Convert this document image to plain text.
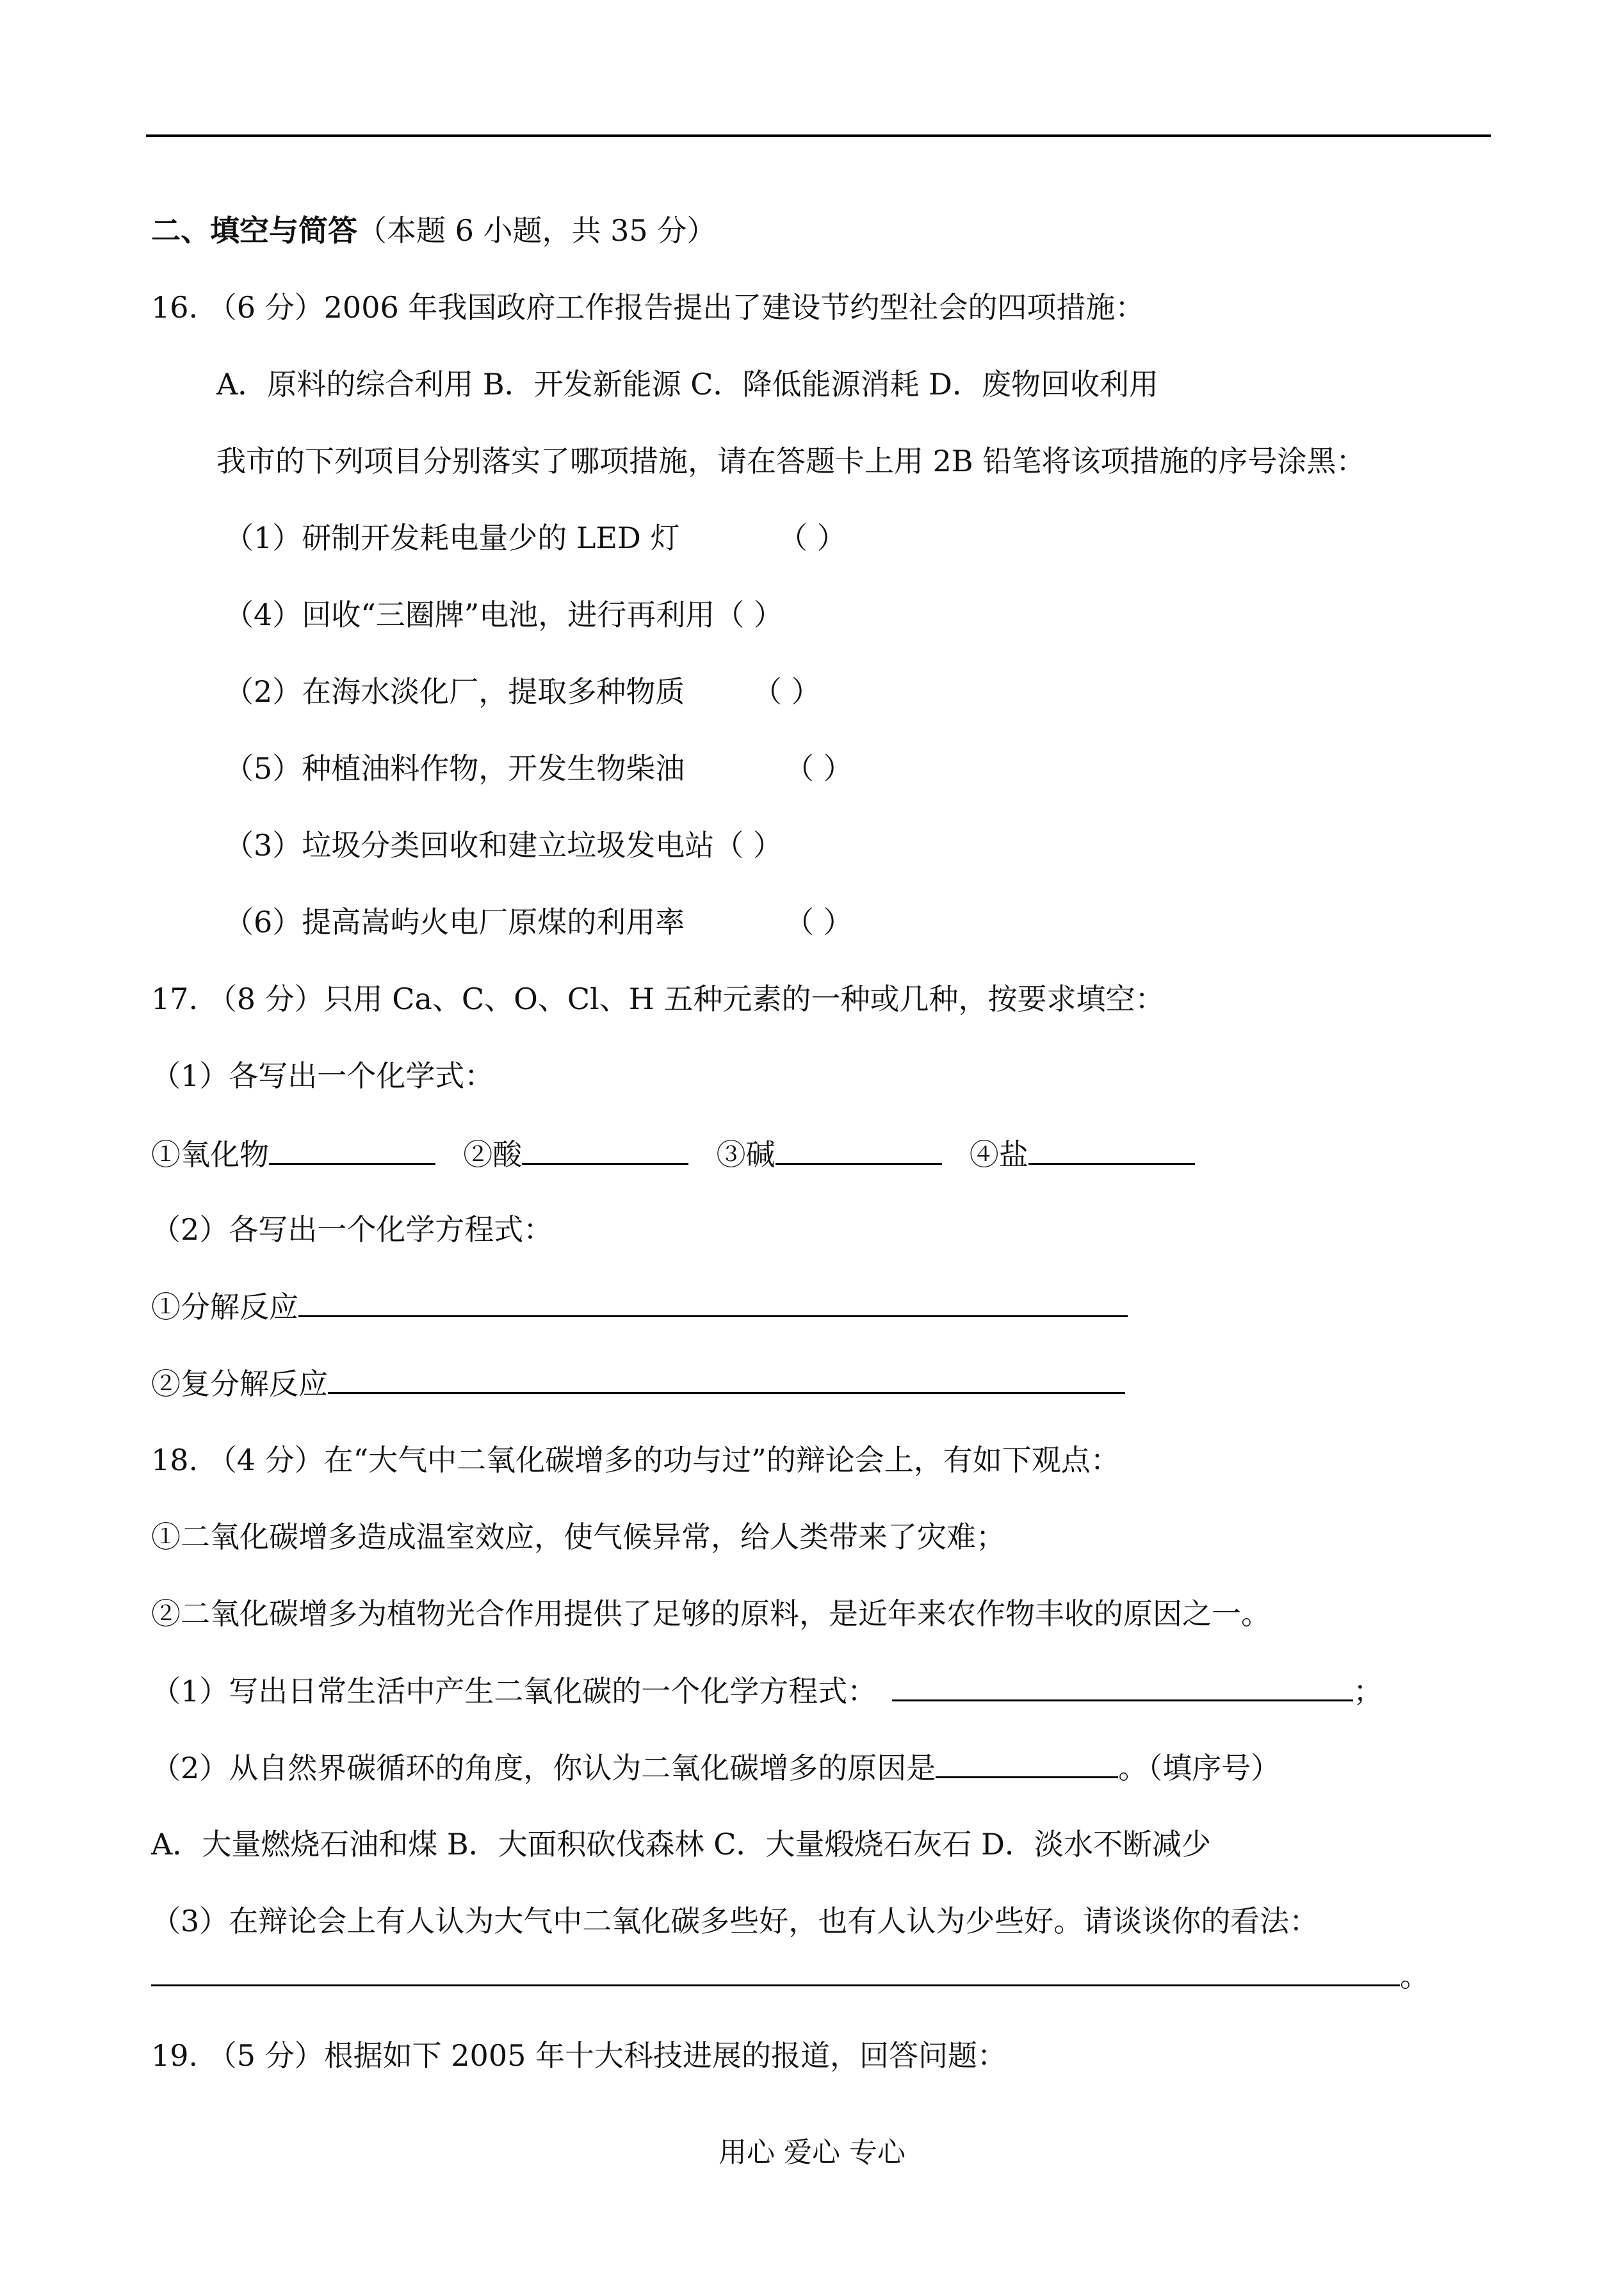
二、填空与简答（本题 6 小题，共 35 分）
16. （6 分）2006 年我国政府工作报告提出了建设节约型社会的四项措施：
A．原料的综合利用 B．开发新能源 C．降低能源消耗 D．废物回收利用
我市的下列项目分别落实了哪项措施，请在答题卡上用 2B 铅笔将该项措施的序号涂黑：
（1）研制开发耗电量少的 LED 灯	（ ）
（4）回收“三圈牌”电池，进行再利用（ ）
（2）在海水淡化厂，提取多种物质 （ ）
（5）种植油料作物，开发生物柴油	（ ）
（3）垃圾分类回收和建立垃圾发电站（ ）
（6）提高嵩屿火电厂原煤的利用率	（ ）
17. （8 分）只用 Ca、C、O、Cl、H 五种元素的一种或几种，按要求填空：
（1）各写出一个化学式：
①氧化物	②酸	③碱	④盐
（2）各写出一个化学方程式：
①分解反应
②复分解反应
18. （4 分）在“大气中二氧化碳增多的功与过”的辩论会上，有如下观点：
①二氧化碳增多造成温室效应，使气候异常，给人类带来了灾难；
②二氧化碳增多为植物光合作用提供了足够的原料，是近年来农作物丰收的原因之一。
（1）写出日常生活中产生二氧化碳的一个化学方程式：	；
（2）从自然界碳循环的角度，你认为二氧化碳增多的原因是	。（填序号）
A．大量燃烧石油和煤 B．大面积砍伐森林 C．大量煅烧石灰石 D．淡水不断减少
（3）在辩论会上有人认为大气中二氧化碳多些好，也有人认为少些好。请谈谈你的看法：
。
19. （5 分）根据如下 2005 年十大科技进展的报道，回答问题：
用心 爱心 专心
